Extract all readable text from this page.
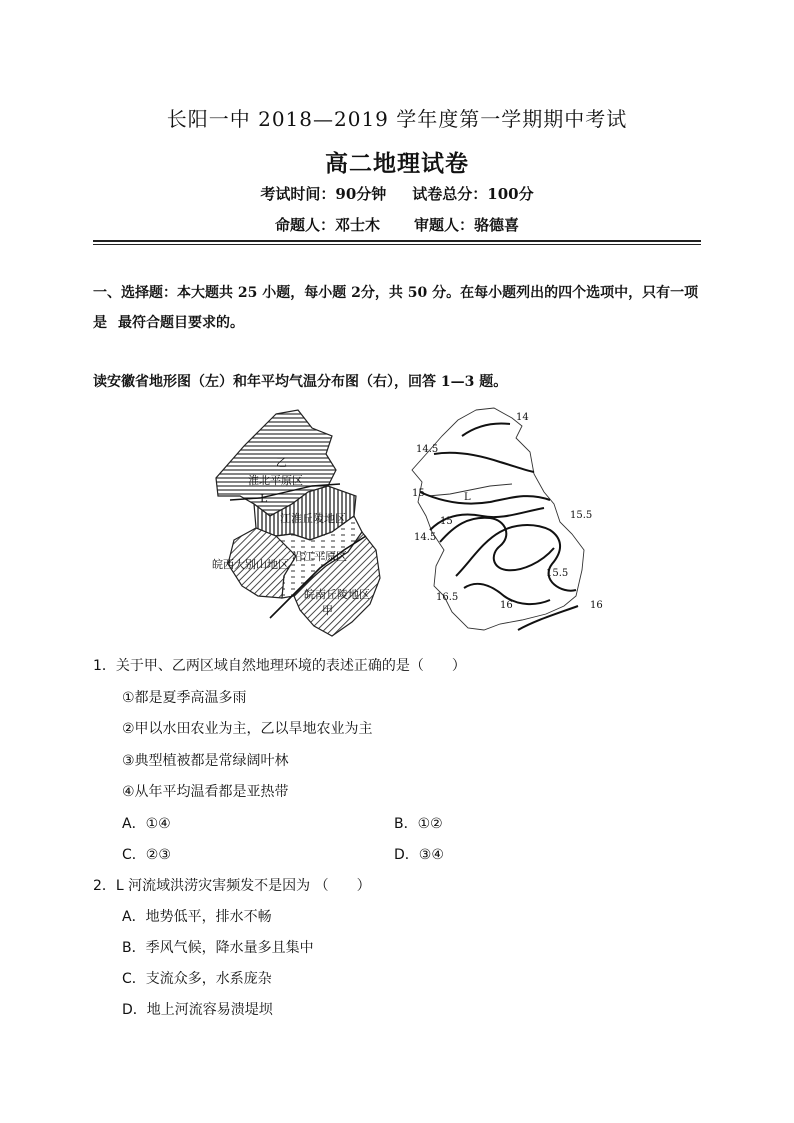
长阳一中 2018—2019 学年度第一学期期中考试
高二地理试卷
考试时间：90分钟 试卷总分：100分
命题人：邓士木 审题人：骆德喜
一、选择题：本大题共 25 小题，每小题 2分，共 50 分。在每小题列出的四个选项中，只有一项是 最符合题目要求的。
读安徽省地形图（左）和年平均气温分布图（右），回答 1—3 题。
乙
淮北平原区
L
江淮丘陵地区
沿江平原区
皖西大别山地区
皖南丘陵地区
甲
14
14.5
15	L
15.5
15
14.5
15.5
16.5
16	16
1．关于甲、乙两区域自然地理环境的表述正确的是（　　）
①都是夏季高温多雨
②甲以水田农业为主，乙以旱地农业为主
③典型植被都是常绿阔叶林
④从年平均温看都是亚热带
A．①④	B．①②
C．②③	D．③④
2．L 河流域洪涝灾害频发不是因为 （　　）
A．地势低平，排水不畅
B．季风气候，降水量多且集中
C．支流众多，水系庞杂
D．地上河流容易溃堤坝
